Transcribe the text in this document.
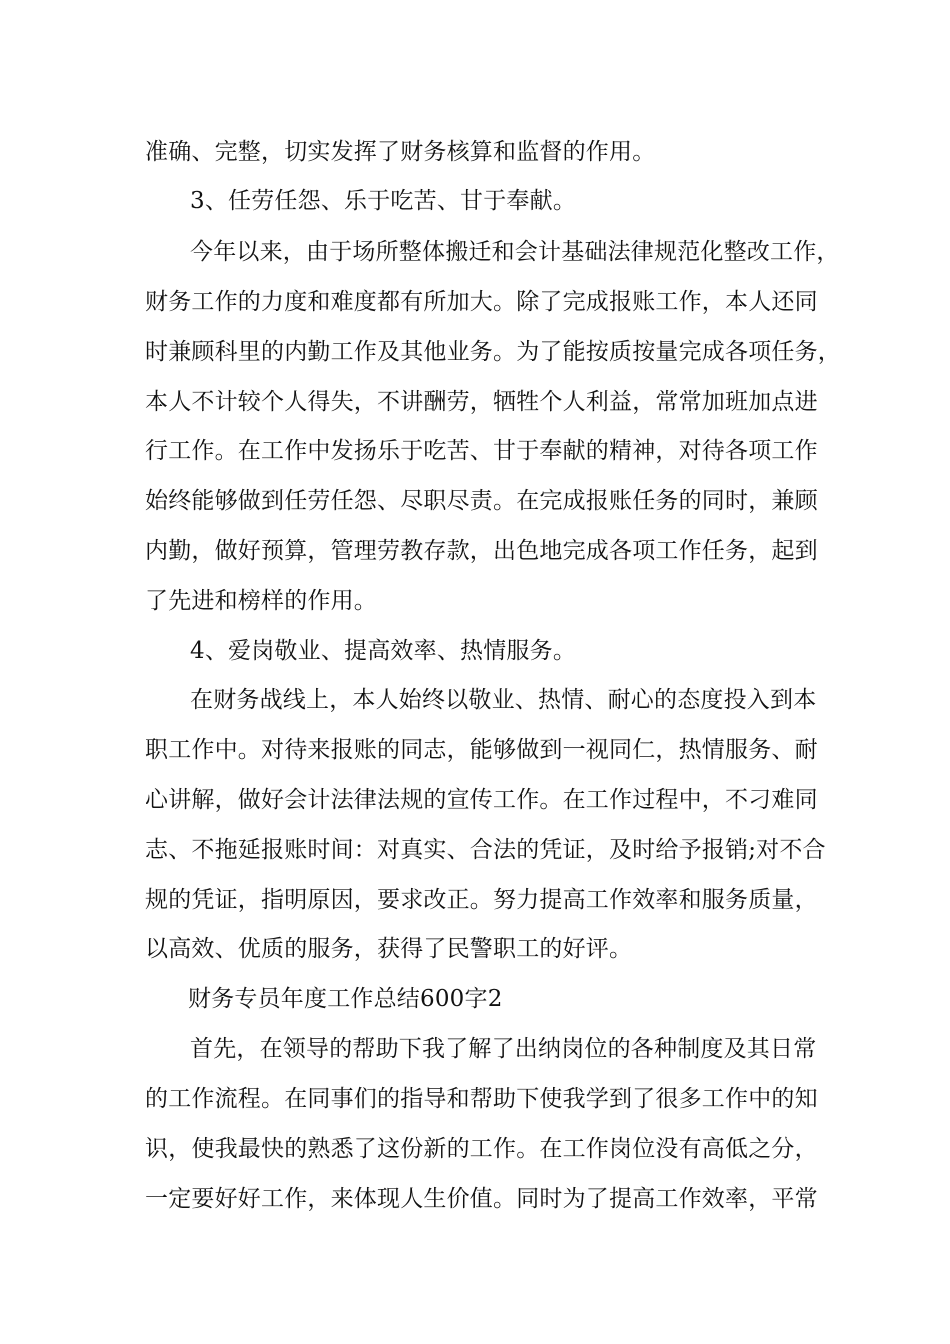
准确、完整，切实发挥了财务核算和监督的作用。
3、任劳任怨、乐于吃苦、甘于奉献。
今年以来，由于场所整体搬迁和会计基础法律规范化整改工作，
财务工作的力度和难度都有所加大。除了完成报账工作，本人还同
时兼顾科里的内勤工作及其他业务。为了能按质按量完成各项任务，
本人不计较个人得失，不讲酬劳，牺牲个人利益，常常加班加点进
行工作。在工作中发扬乐于吃苦、甘于奉献的精神，对待各项工作
始终能够做到任劳任怨、尽职尽责。在完成报账任务的同时，兼顾
内勤，做好预算，管理劳教存款，出色地完成各项工作任务，起到
了先进和榜样的作用。
4、爱岗敬业、提高效率、热情服务。
在财务战线上，本人始终以敬业、热情、耐心的态度投入到本
职工作中。对待来报账的同志，能够做到一视同仁，热情服务、耐
心讲解，做好会计法律法规的宣传工作。在工作过程中，不刁难同
志、不拖延报账时间：对真实、合法的凭证，及时给予报销;对不合
规的凭证，指明原因，要求改正。努力提高工作效率和服务质量，
以高效、优质的服务，获得了民警职工的好评。
财务专员年度工作总结600字2
首先，在领导的帮助下我了解了出纳岗位的各种制度及其日常
的工作流程。在同事们的指导和帮助下使我学到了很多工作中的知
识，使我最快的熟悉了这份新的工作。在工作岗位没有高低之分，
一定要好好工作，来体现人生价值。同时为了提高工作效率，平常
